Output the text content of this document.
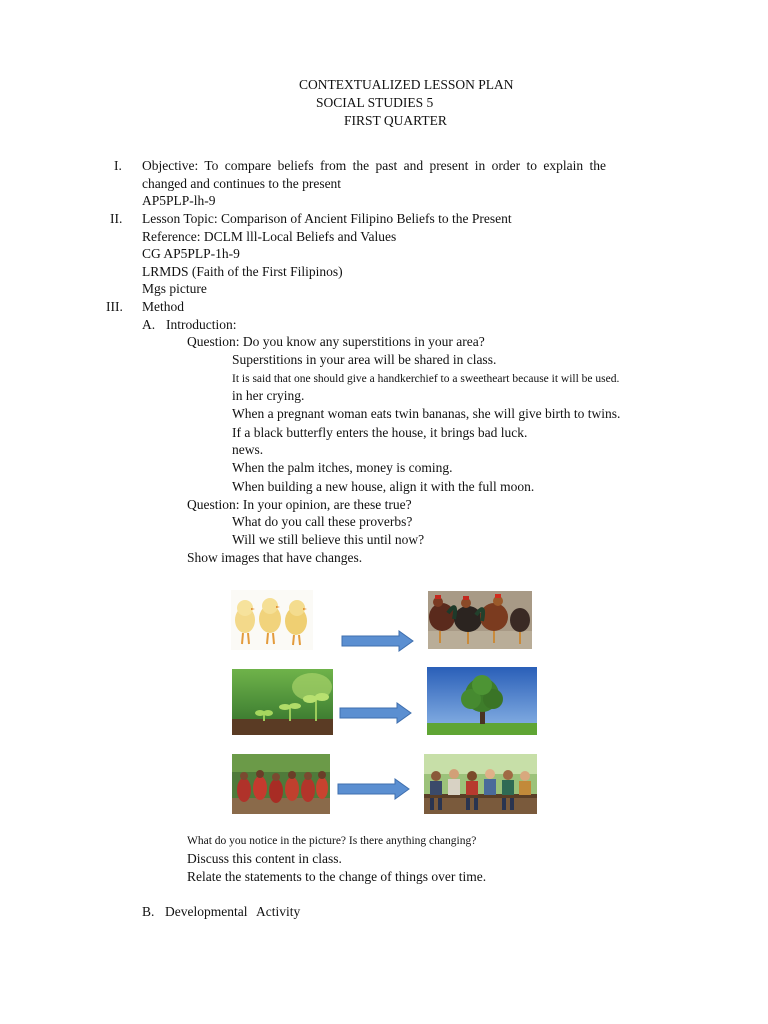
CONTEXTUALIZED LESSON PLAN
SOCIAL STUDIES 5
FIRST QUARTER
I. Objective: To compare beliefs from the past and present in order to explain the
changed and continues to the present
AP5PLP-lh-9
II. Lesson Topic: Comparison of Ancient Filipino Beliefs to the Present
Reference: DCLM lll-Local Beliefs and Values
CG AP5PLP-1h-9
LRMDS (Faith of the First Filipinos)
Mgs picture
III. Method
A. Introduction:
Question: Do you know any superstitions in your area?
Superstitions in your area will be shared in class.
It is said that one should give a handkerchief to a sweetheart because it will be used.
in her crying.
When a pregnant woman eats twin bananas, she will give birth to twins.
If a black butterfly enters the house, it brings bad luck.
news.
When the palm itches, money is coming.
When building a new house, align it with the full moon.
Question: In your opinion, are these true?
What do you call these proverbs?
Will we still believe this until now?
Show images that have changes.
What do you notice in the picture? Is there anything changing?
Discuss this content in class.
Relate the statements to the change of things over time.
B. Developmental Activity
